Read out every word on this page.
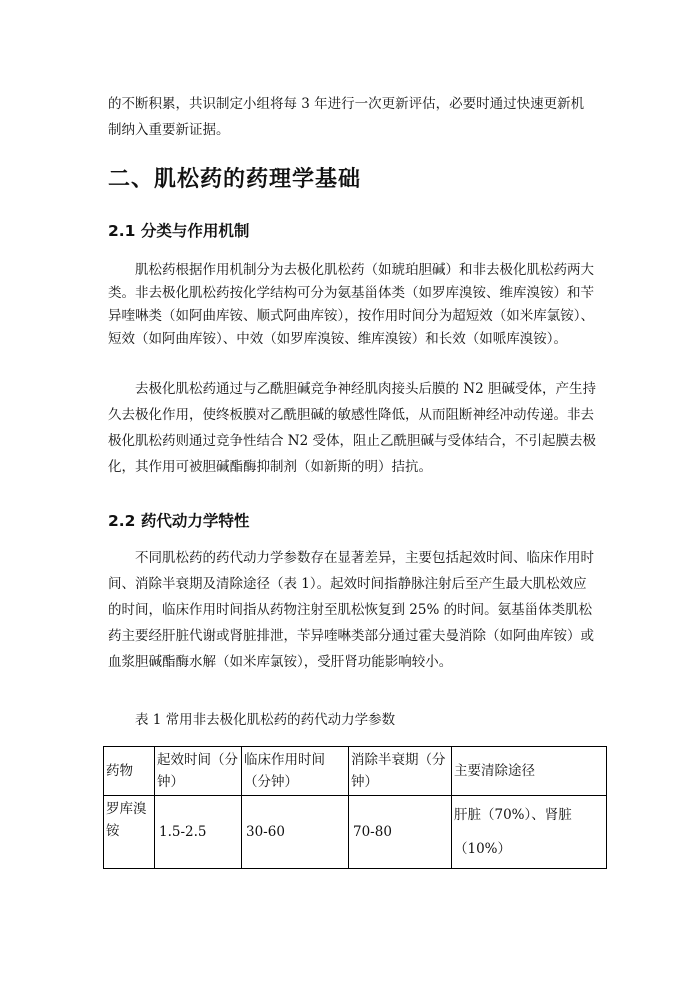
的不断积累，共识制定小组将每 3 年进行一次更新评估，必要时通过快速更新机制纳入重要新证据。

二、肌松药的药理学基础
2.1 分类与作用机制

肌松药根据作用机制分为去极化肌松药（如琥珀胆碱）和非去极化肌松药两大类。非去极化肌松药按化学结构可分为氨基甾体类（如罗库溴铵、维库溴铵）和苄异喹啉类（如阿曲库铵、顺式阿曲库铵），按作用时间分为超短效（如米库氯铵）、短效（如阿曲库铵）、中效（如罗库溴铵、维库溴铵）和长效（如哌库溴铵）。

去极化肌松药通过与乙酰胆碱竞争神经肌肉接头后膜的 N2 胆碱受体，产生持久去极化作用，使终板膜对乙酰胆碱的敏感性降低，从而阻断神经冲动传递。非去极化肌松药则通过竞争性结合 N2 受体，阻止乙酰胆碱与受体结合，不引起膜去极化，其作用可被胆碱酯酶抑制剂（如新斯的明）拮抗。

2.2 药代动力学特性

不同肌松药的药代动力学参数存在显著差异，主要包括起效时间、临床作用时间、消除半衰期及清除途径（表 1）。起效时间指静脉注射后至产生最大肌松效应的时间，临床作用时间指从药物注射至肌松恢复到 25% 的时间。氨基甾体类肌松药主要经肝脏代谢或肾脏排泄，苄异喹啉类部分通过霍夫曼消除（如阿曲库铵）或血浆胆碱酯酶水解（如米库氯铵），受肝肾功能影响较小。

表 1 常用非去极化肌松药的药代动力学参数

药物	起效时间（分钟）	临床作用时间（分钟）	消除半衰期（分钟）	主要清除途径
罗库溴铵	1.5-2.5	30-60	70-80	肝脏（70%）、肾脏（10%）
